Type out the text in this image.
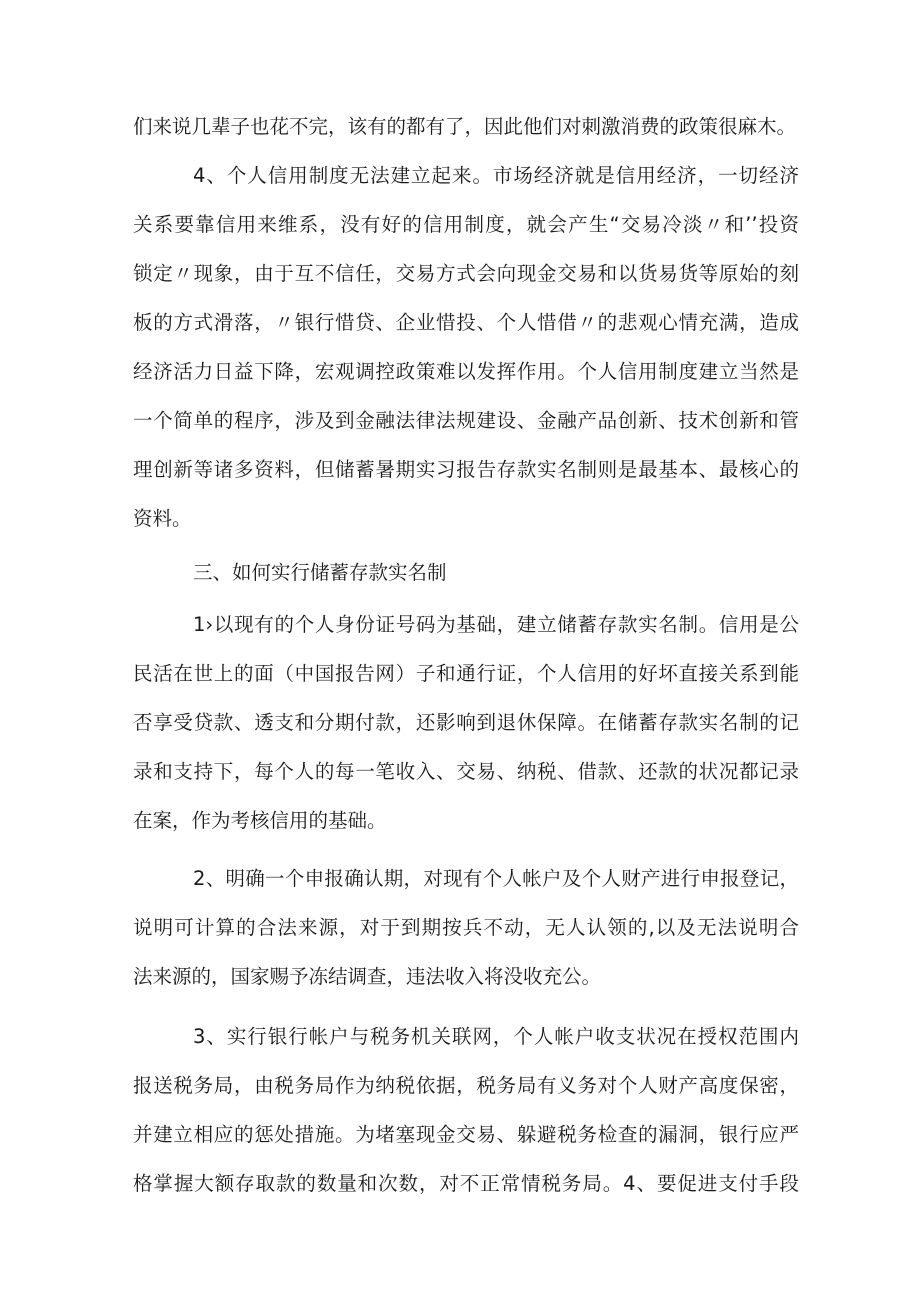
们来说几辈子也花不完，该有的都有了，因此他们对刺激消费的政策很麻木。
4、个人信用制度无法建立起来。市场经济就是信用经济，一切经济
关系要靠信用来维系，没有好的信用制度，就会产生“交易冷淡〃和’’投资
锁定〃现象，由于互不信任，交易方式会向现金交易和以货易货等原始的刻
板的方式滑落，〃银行惜贷、企业惜投、个人惜借〃的悲观心情充满，造成
经济活力日益下降，宏观调控政策难以发挥作用。个人信用制度建立当然是
一个简单的程序，涉及到金融法律法规建设、金融产品创新、技术创新和管
理创新等诸多资料，但储蓄暑期实习报告存款实名制则是最基本、最核心的
资料。
三、如何实行储蓄存款实名制
1›以现有的个人身份证号码为基础，建立储蓄存款实名制。信用是公
民活在世上的面（中国报告网）子和通行证，个人信用的好坏直接关系到能
否享受贷款、透支和分期付款，还影响到退休保障。在储蓄存款实名制的记
录和支持下，每个人的每一笔收入、交易、纳税、借款、还款的状况都记录
在案，作为考核信用的基础。
2、明确一个申报确认期，对现有个人帐户及个人财产进行申报登记，
说明可计算的合法来源，对于到期按兵不动，无人认领的,以及无法说明合
法来源的，国家赐予冻结调查，违法收入将没收充公。
3、实行银行帐户与税务机关联网，个人帐户收支状况在授权范围内
报送税务局，由税务局作为纳税依据，税务局有义务对个人财产高度保密，
并建立相应的惩处措施。为堵塞现金交易、躲避税务检查的漏洞，银行应严
格掌握大额存取款的数量和次数，对不正常情税务局。4、要促进支付手段
